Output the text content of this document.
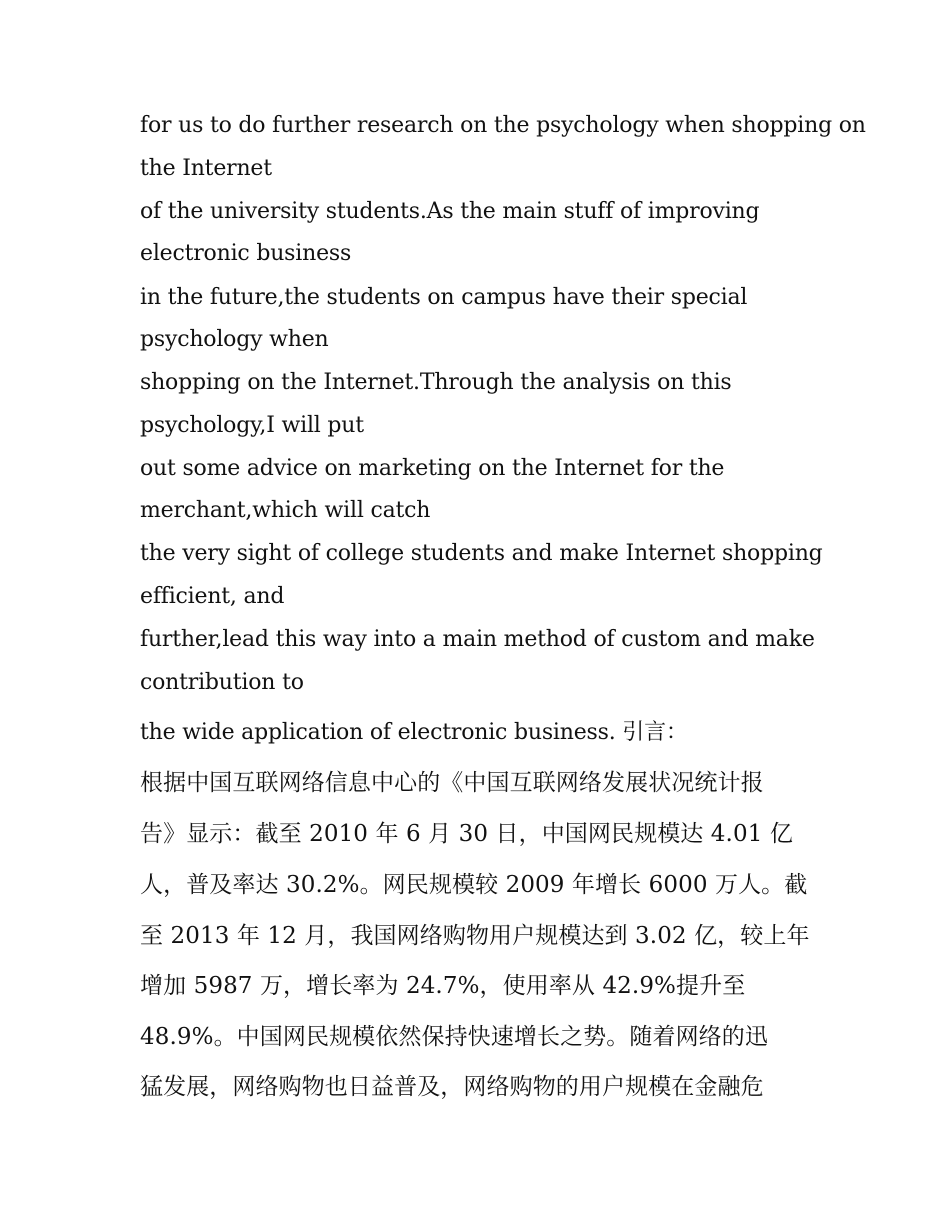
for us to do further research on the psychology when shopping on
the Internet
of the university students.As the main stuff of improving
electronic business
in the future,the students on campus have their special
psychology when
shopping on the Internet.Through the analysis on this
psychology,I will put
out some advice on marketing on the Internet for the
merchant,which will catch
the very sight of college students and make Internet shopping
efficient, and
further,lead this way into a main method of custom and make
contribution to
the wide application of electronic business. 引言：
根据中国互联网络信息中心的《中国互联网络发展状况统计报
告》显示：截至 2010 年 6 月 30 日，中国网民规模达 4.01 亿
人，普及率达 30.2%。网民规模较 2009 年增长 6000 万人。截
至 2013 年 12 月，我国网络购物用户规模达到 3.02 亿，较上年
增加 5987 万，增长率为 24.7%，使用率从 42.9%提升至
48.9%。中国网民规模依然保持快速增长之势。随着网络的迅
猛发展，网络购物也日益普及，网络购物的用户规模在金融危
